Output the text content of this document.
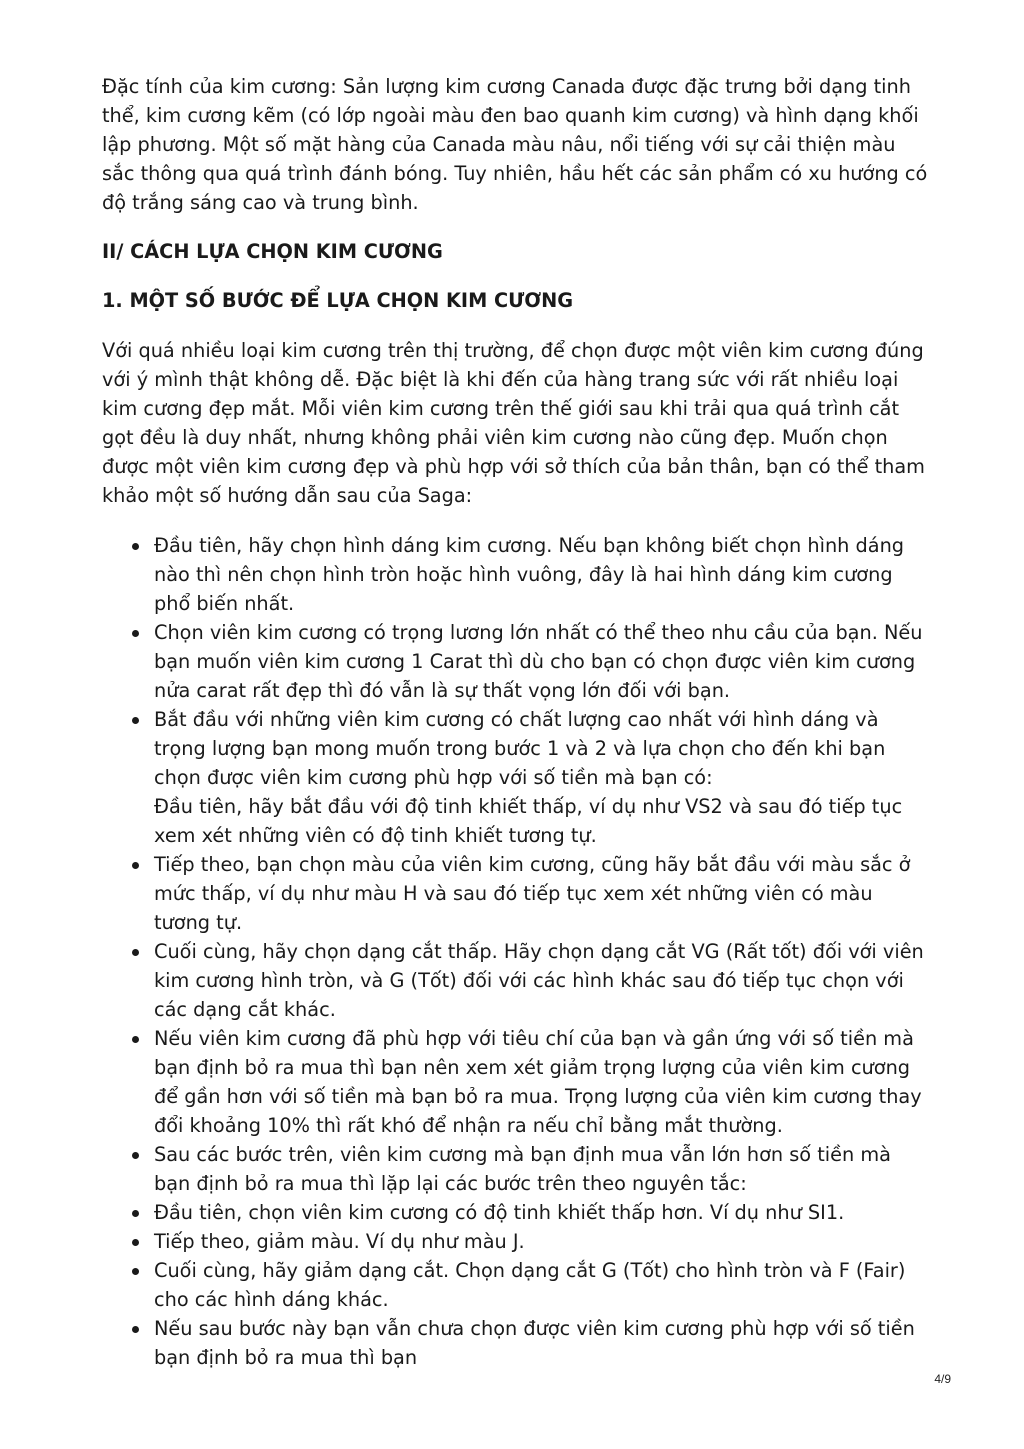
Đặc tính của kim cương: Sản lượng kim cương Canada được đặc trưng bởi dạng tinh thể, kim cương kẽm (có lớp ngoài màu đen bao quanh kim cương) và hình dạng khối lập phương. Một số mặt hàng của Canada màu nâu, nổi tiếng với sự cải thiện màu sắc thông qua quá trình đánh bóng. Tuy nhiên, hầu hết các sản phẩm có xu hướng có độ trắng sáng cao và trung bình.

II/ CÁCH LỰA CHỌN KIM CƯƠNG
1. MỘT SỐ BƯỚC ĐỂ LỰA CHỌN KIM CƯƠNG

Với quá nhiều loại kim cương trên thị trường, để chọn được một viên kim cương đúng với ý mình thật không dễ. Đặc biệt là khi đến của hàng trang sức với rất nhiều loại kim cương đẹp mắt. Mỗi viên kim cương trên thế giới sau khi trải qua quá trình cắt gọt đều là duy nhất, nhưng không phải viên kim cương nào cũng đẹp. Muốn chọn được một viên kim cương đẹp và phù hợp với sở thích của bản thân, bạn có thể tham khảo một số hướng dẫn sau của Saga:

Đầu tiên, hãy chọn hình dáng kim cương. Nếu bạn không biết chọn hình dáng nào thì nên chọn hình tròn hoặc hình vuông, đây là hai hình dáng kim cương phổ biến nhất.
Chọn viên kim cương có trọng lương lớn nhất có thể theo nhu cầu của bạn. Nếu bạn muốn viên kim cương 1 Carat thì dù cho bạn có chọn được viên kim cương nửa carat rất đẹp thì đó vẫn là sự thất vọng lớn đối với bạn.
Bắt đầu với những viên kim cương có chất lượng cao nhất với hình dáng và trọng lượng bạn mong muốn trong bước 1 và 2 và lựa chọn cho đến khi bạn chọn được viên kim cương phù hợp với số tiền mà bạn có:
Đầu tiên, hãy bắt đầu với độ tinh khiết thấp, ví dụ như VS2 và sau đó tiếp tục xem xét những viên có độ tinh khiết tương tự.
Tiếp theo, bạn chọn màu của viên kim cương, cũng hãy bắt đầu với màu sắc ở mức thấp, ví dụ như màu H và sau đó tiếp tục xem xét những viên có màu tương tự.
Cuối cùng, hãy chọn dạng cắt thấp. Hãy chọn dạng cắt VG (Rất tốt) đối với viên kim cương hình tròn, và G (Tốt) đối với các hình khác sau đó tiếp tục chọn với các dạng cắt khác.
Nếu viên kim cương đã phù hợp với tiêu chí của bạn và gần ứng với số tiền mà bạn định bỏ ra mua thì bạn nên xem xét giảm trọng lượng của viên kim cương để gần hơn với số tiền mà bạn bỏ ra mua. Trọng lượng của viên kim cương thay đổi khoảng 10% thì rất khó để nhận ra nếu chỉ bằng mắt thường.
Sau các bước trên, viên kim cương mà bạn định mua vẫn lớn hơn số tiền mà bạn định bỏ ra mua thì lặp lại các bước trên theo nguyên tắc:
Đầu tiên, chọn viên kim cương có độ tinh khiết thấp hơn. Ví dụ như SI1.
Tiếp theo, giảm màu. Ví dụ như màu J.
Cuối cùng, hãy giảm dạng cắt. Chọn dạng cắt G (Tốt) cho hình tròn và F (Fair) cho các hình dáng khác.
Nếu sau bước này bạn vẫn chưa chọn được viên kim cương phù hợp với số tiền bạn định bỏ ra mua thì bạn
4/9
